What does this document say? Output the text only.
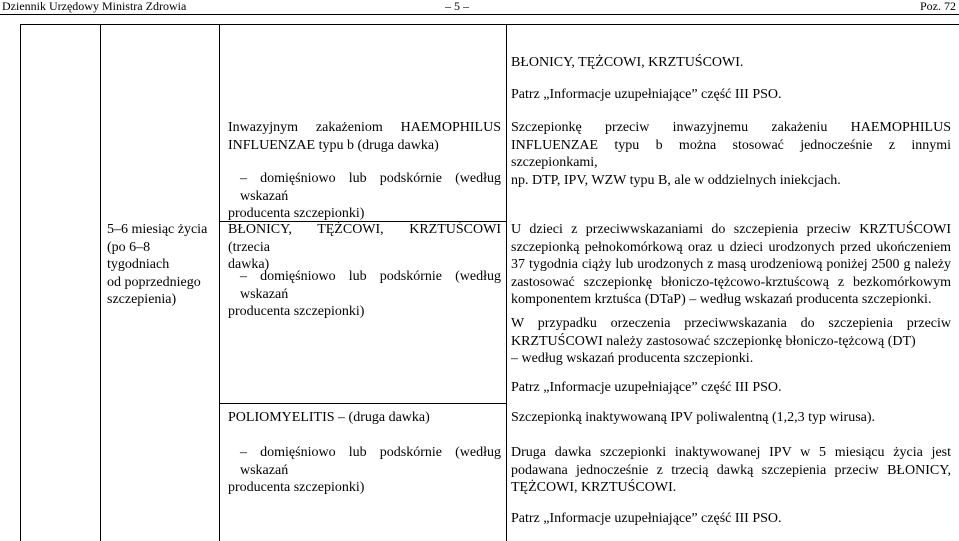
Dziennik Urzędowy Ministra Zdrowia	– 5 –	Poz. 72
Inwazyjnym zakażeniom HAEMOPHILUS
INFLUENZAE typu b (druga dawka)
– domięśniowo lub podskórnie (według wskazań
producenta szczepionki)
BŁONICY, TĘŻCOWI, KRZTUŚCOWI.
Patrz „Informacje uzupełniające” część III PSO.
Szczepionkę przeciw inwazyjnemu zakażeniu HAEMOPHILUS
INFLUENZAE typu b można stosować jednocześnie z innymi szczepionkami,
np. DTP, IPV, WZW typu B, ale w oddzielnych iniekcjach.
5–6 miesiąc życia
(po 6–8 tygodniach
od poprzedniego
szczepienia)
BŁONICY, TĘŻCOWI, KRZTUŚCOWI (trzecia
dawka)
– domięśniowo lub podskórnie (według wskazań
producenta szczepionki)
U dzieci z przeciwwskazaniami do szczepienia przeciw KRZTUŚCOWI
szczepionką pełnokomórkową oraz u dzieci urodzonych przed ukończeniem
37 tygodnia ciąży lub urodzonych z masą urodzeniową poniżej 2500 g należy
zastosować szczepionkę błoniczo-tężcowo-krztuścową z bezkomórkowym
komponentem krztuśca (DTaP) – według wskazań producenta szczepionki.
W przypadku orzeczenia przeciwwskazania do szczepienia przeciw
KRZTUŚCOWI należy zastosować szczepionkę błoniczo-tężcową (DT)
– według wskazań producenta szczepionki.
Patrz „Informacje uzupełniające” część III PSO.
POLIOMYELITIS – (druga dawka)
– domięśniowo lub podskórnie (według wskazań
producenta szczepionki)
Szczepionką inaktywowaną IPV poliwalentną (1,2,3 typ wirusa).
Druga dawka szczepionki inaktywowanej IPV w 5 miesiącu życia jest
podawana jednocześnie z trzecią dawką szczepienia przeciw BŁONICY,
TĘŻCOWI, KRZTUŚCOWI.
Patrz „Informacje uzupełniające” część III PSO.
